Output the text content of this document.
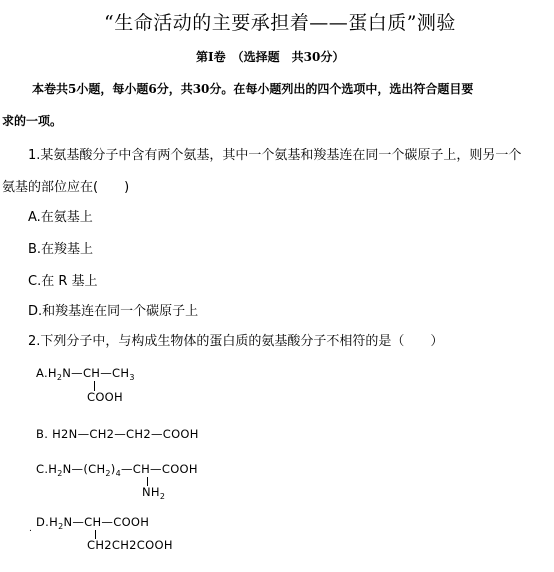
“生命活动的主要承担着——蛋白质”测验
第Ⅰ卷　（选择题　共30分）
本卷共5小题，每小题6分，共30分。在每小题列出的四个选项中，选出符合题目要
求的一项。
1.某氨基酸分子中含有两个氨基，其中一个氨基和羧基连在同一个碳原子上，则另一个
氨基的部位应在(　　)
A.在氨基上
B.在羧基上
C.在 R 基上
D.和羧基连在同一个碳原子上
2.下列分子中，与构成生物体的蛋白质的氨基酸分子不相符的是（　　）
$A.H_2N—CH—CH_3$
COOH
B. H2N—CH2—CH2—COOH
$C.H_2N—(CH_2)_4—CH—COOH$
$NH_2$
$D.H_2N—CH—COOH$
CH2CH2COOH
.
